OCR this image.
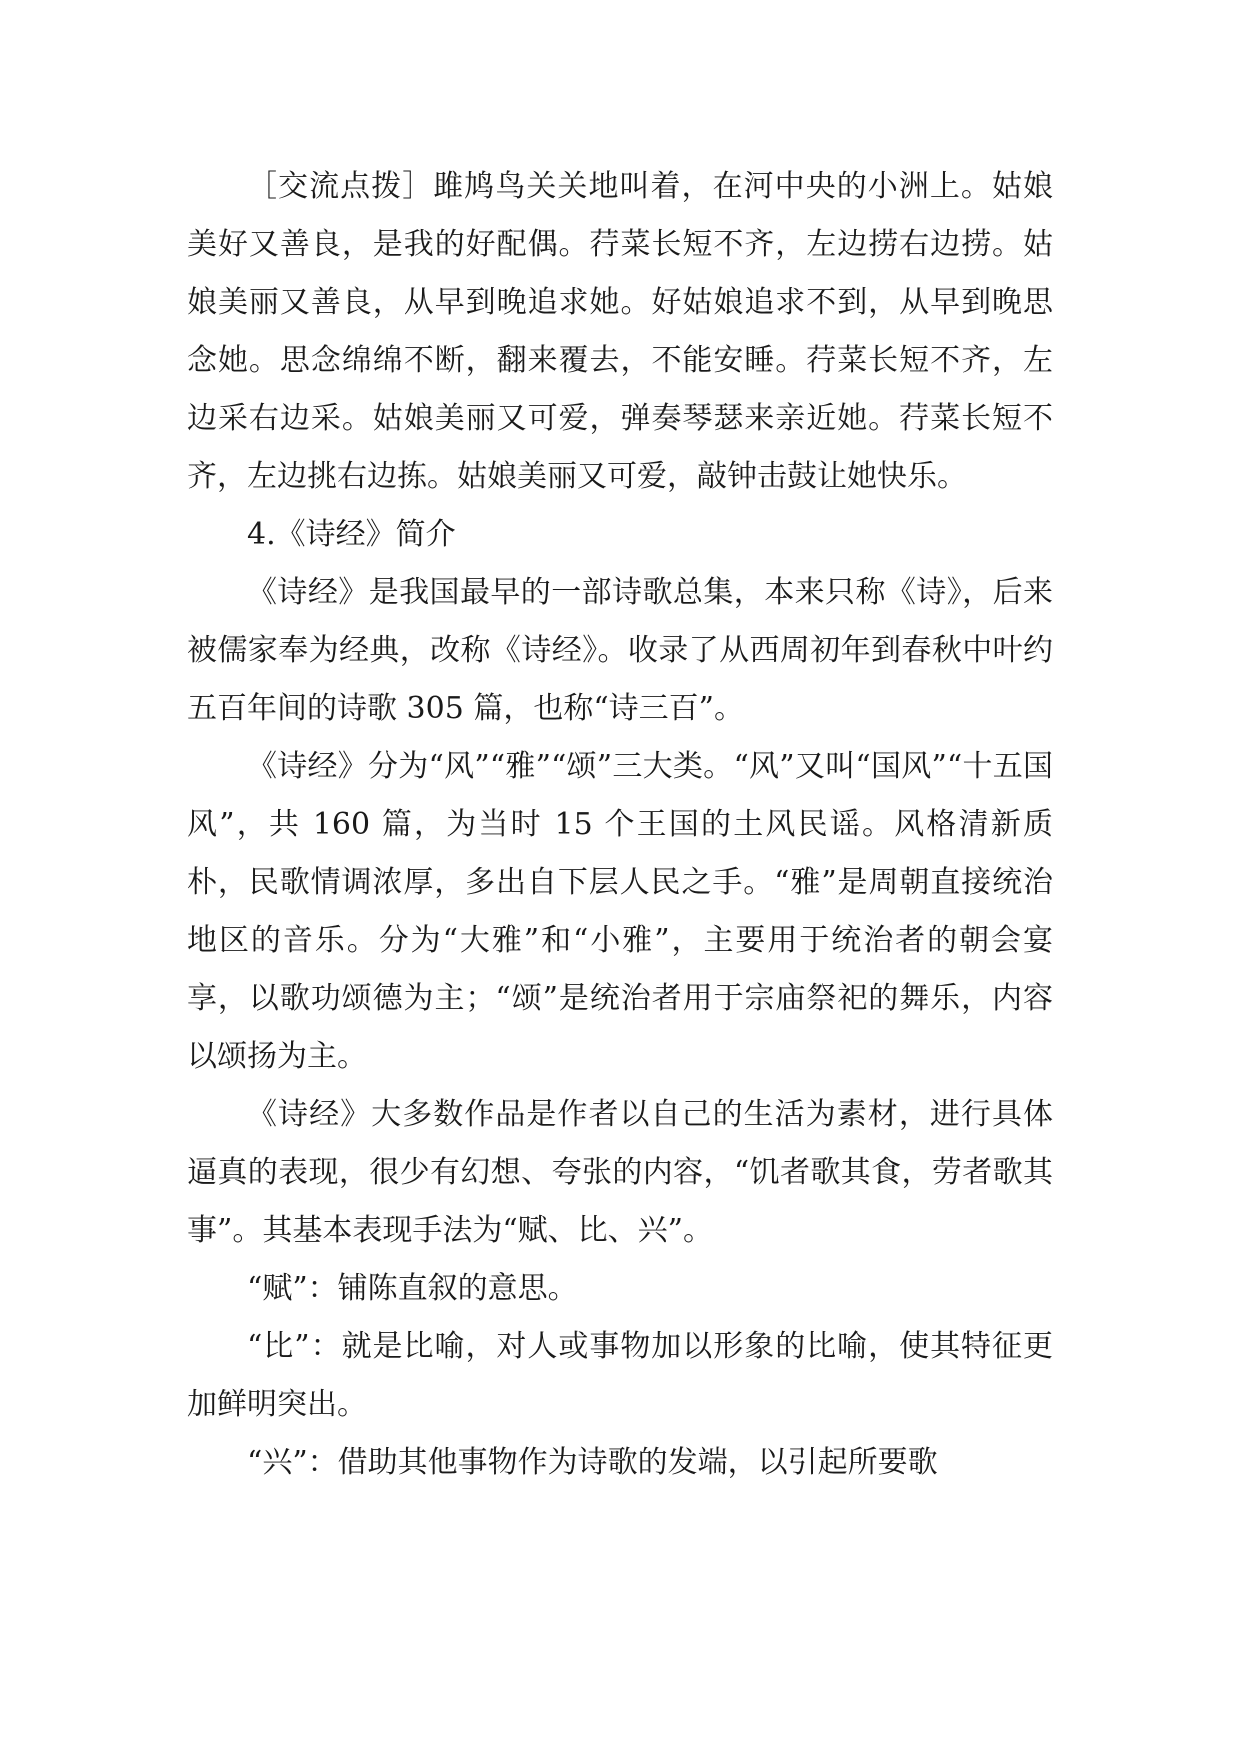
［交流点拨］雎鸠鸟关关地叫着，在河中央的小洲上。姑娘美好又善良，是我的好配偶。荇菜长短不齐，左边捞右边捞。姑娘美丽又善良，从早到晚追求她。好姑娘追求不到，从早到晚思念她。思念绵绵不断，翻来覆去，不能安睡。荇菜长短不齐，左边采右边采。姑娘美丽又可爱，弹奏琴瑟来亲近她。荇菜长短不齐，左边挑右边拣。姑娘美丽又可爱，敲钟击鼓让她快乐。

4.《诗经》简介

《诗经》是我国最早的一部诗歌总集，本来只称《诗》，后来被儒家奉为经典，改称《诗经》。收录了从西周初年到春秋中叶约五百年间的诗歌 305 篇，也称“诗三百”。

《诗经》分为“风”“雅”“颂”三大类。“风”又叫“国风”“十五国风”，共 160 篇，为当时 15 个王国的土风民谣。风格清新质朴，民歌情调浓厚，多出自下层人民之手。“雅”是周朝直接统治地区的音乐。分为“大雅”和“小雅”，主要用于统治者的朝会宴享，以歌功颂德为主；“颂”是统治者用于宗庙祭祀的舞乐，内容以颂扬为主。

《诗经》大多数作品是作者以自己的生活为素材，进行具体逼真的表现，很少有幻想、夸张的内容，“饥者歌其食，劳者歌其事”。其基本表现手法为“赋、比、兴”。

“赋”：铺陈直叙的意思。

“比”：就是比喻，对人或事物加以形象的比喻，使其特征更加鲜明突出。

“兴”：借助其他事物作为诗歌的发端，以引起所要歌
